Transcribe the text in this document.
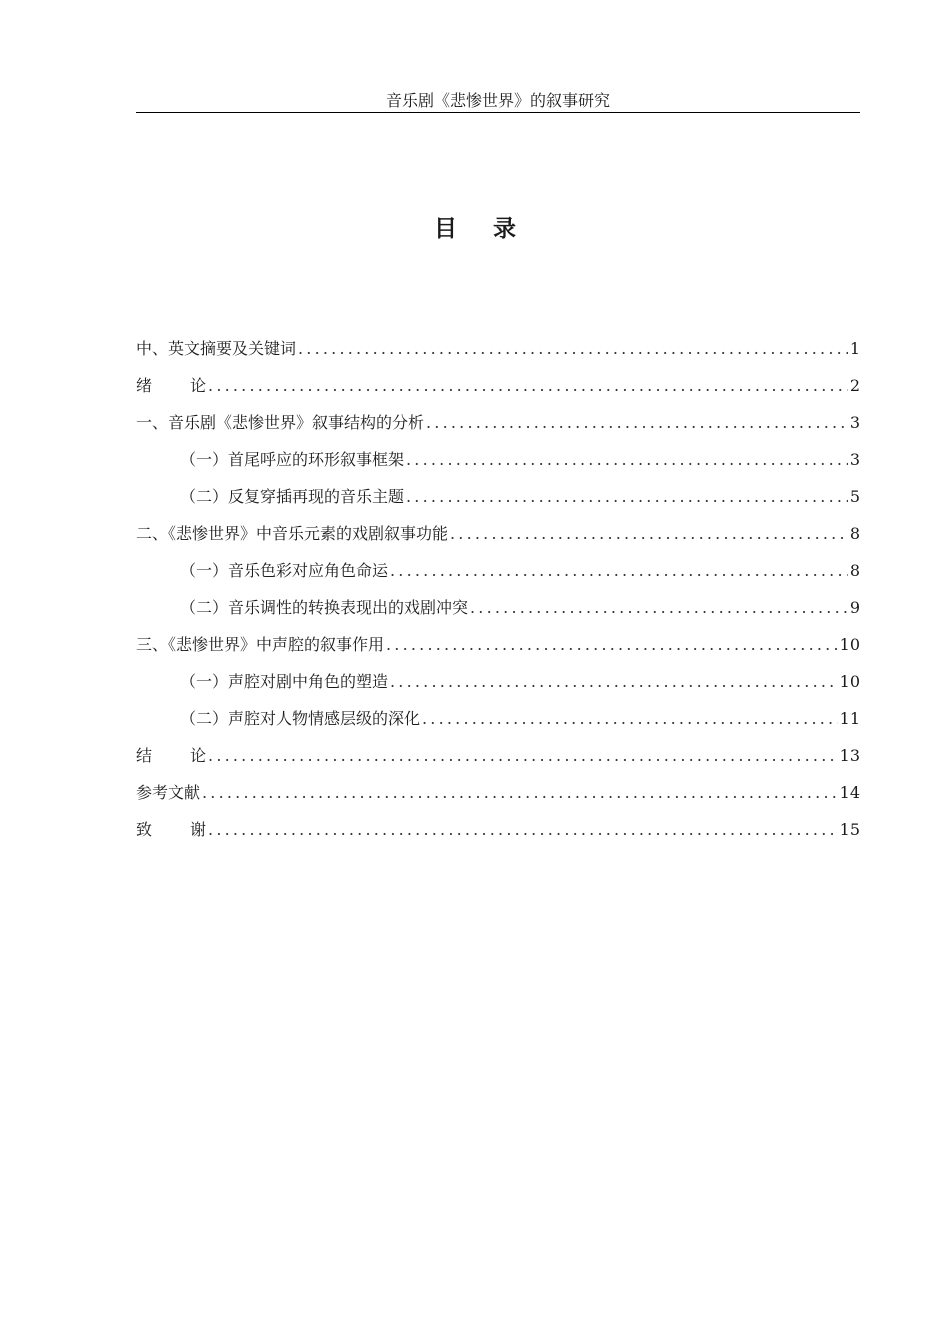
音乐剧《悲惨世界》的叙事研究
目录
中、英文摘要及关键词 .....	1
绪论 .....	2
一、音乐剧《悲惨世界》叙事结构的分析 .....	3
（一）首尾呼应的环形叙事框架 .....	3
（二）反复穿插再现的音乐主题 .....	5
二、《悲惨世界》中音乐元素的戏剧叙事功能 .....	8
（一）音乐色彩对应角色命运 .....	8
（二）音乐调性的转换表现出的戏剧冲突 .....	9
三、《悲惨世界》中声腔的叙事作用 .....	10
（一）声腔对剧中角色的塑造 .....	10
（二）声腔对人物情感层级的深化 .....	11
结论 .....	13
参考文献 .....	14
致谢 .....	15
